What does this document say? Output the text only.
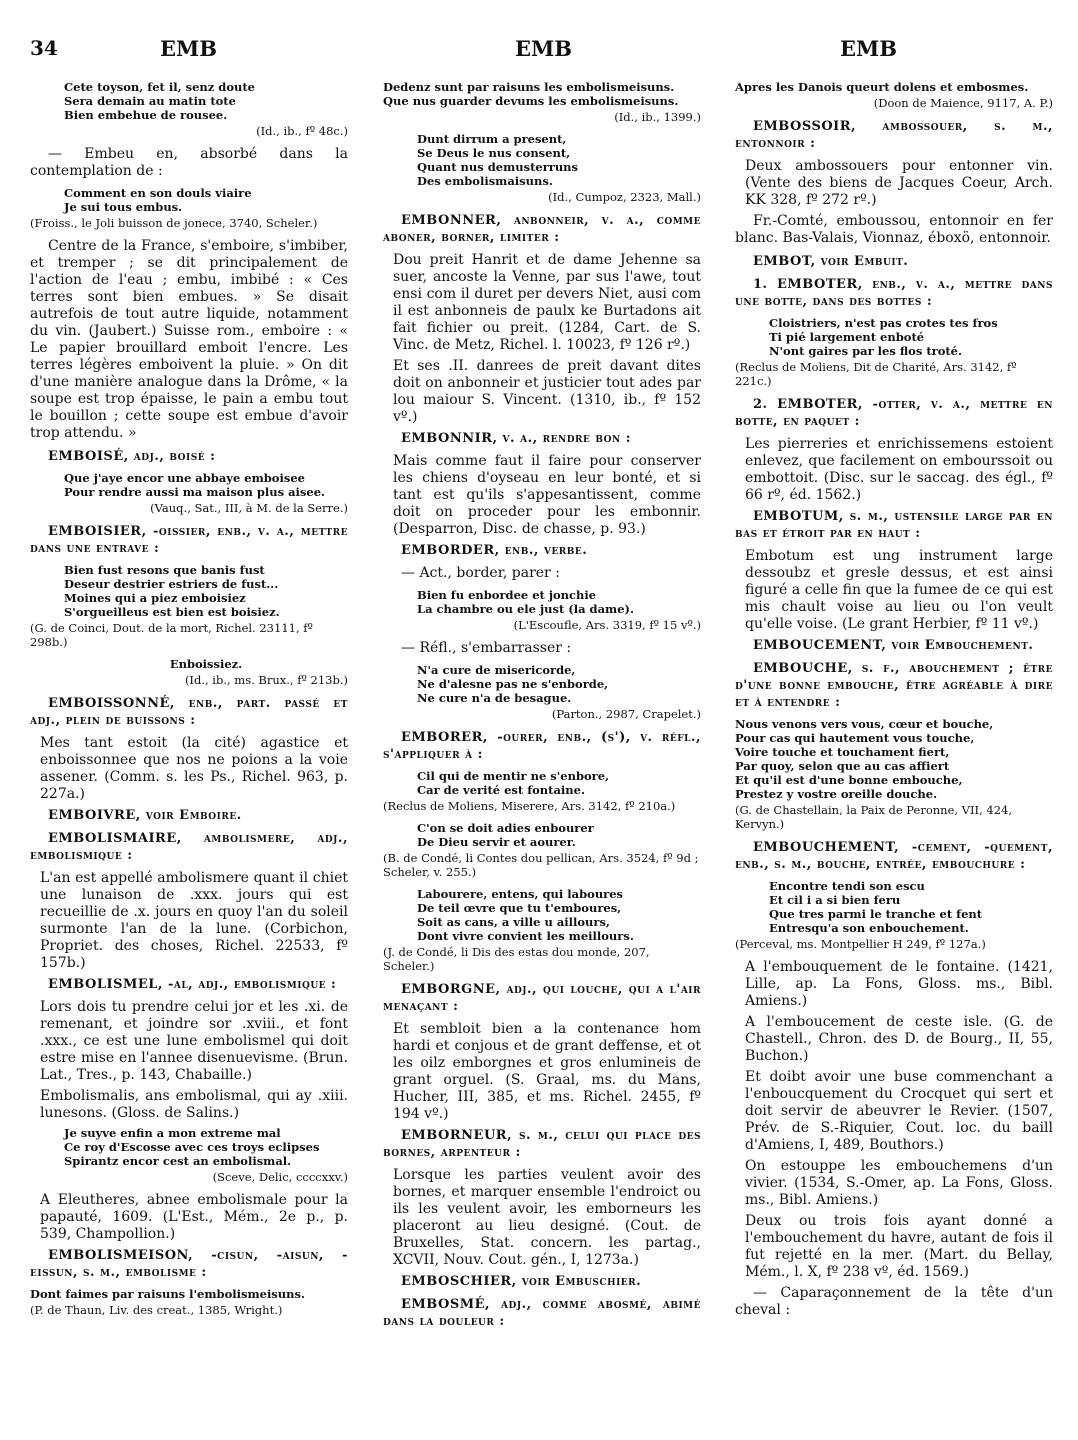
34	EMB	EMB	EMB
Cete toyson, fet il, senz doute
Sera demain au matin tote
Bien embehue de rousee.
(Id., ib., fº 48c.)
— Embeu en, absorbé dans la contemplation de :
Comment en son douls viaire
Je sui tous embus.
(Froiss., le Joli buisson de jonece, 3740, Scheler.)
Centre de la France, s'emboire, s'imbiber, et tremper ; se dit principalement de l'action de l'eau ; embu, imbibé : « Ces terres sont bien embues. » Se disait autrefois de tout autre liquide, notamment du vin. (Jaubert.) Suisse rom., emboire : « Le papier brouillard emboit l'encre. Les terres légères emboivent la pluie. » On dit d'une manière analogue dans la Drôme, « la soupe est trop épaisse, le pain a embu tout le bouillon ; cette soupe est embue d'avoir trop attendu. »
EMBOISÉ, adj., boisé :
Que j'aye encor une abbaye emboisee
Pour rendre aussi ma maison plus aisee.
(Vauq., Sat., III, à M. de la Serre.)
EMBOISIER, -oissier, enb., v. a., mettre dans une entrave :
Bien fust resons que banis fust
Deseur destrier estriers de fust...
Moines qui a piez emboisiez
S'orgueilleus est bien est boisiez.
(G. de Coinci, Dout. de la mort, Richel. 23111, fº 298b.)
Enboissiez.
(Id., ib., ms. Brux., fº 213b.)
EMBOISSONNÉ, enb., part. passé et adj., plein de buissons :
Mes tant estoit (la cité) agastice et enboissonnee que nos ne poions a la voie assener. (Comm. s. les Ps., Richel. 963, p. 227a.)
EMBOIVRE, voir Emboire.
EMBOLISMAIRE, ambolismere, adj., embolismique :
L'an est appellé ambolismere quant il chiet une lunaison de .xxx. jours qui est recueillie de .x. jours en quoy l'an du soleil surmonte l'an de la lune. (Corbichon, Propriet. des choses, Richel. 22533, fº 157b.)
EMBOLISMEL, -al, adj., embolismique :
Lors dois tu prendre celui jor et les .xi. de remenant, et joindre sor .xviii., et font .xxx., ce est une lune embolismel qui doit estre mise en l'annee disenuevisme. (Brun. Lat., Tres., p. 143, Chabaille.)
Embolismalis, ans embolismal, qui ay .xiii. lunesons. (Gloss. de Salins.)
Je suyve enfin a mon extreme mal
Ce roy d'Escosse avec ces troys eclipses
Spirantz encor cest an embolismal.
(Sceve, Delic, ccccxxv.)
A Eleutheres, abnee embolismale pour la papauté, 1609. (L'Est., Mém., 2e p., p. 539, Champollion.)
EMBOLISMEISON, -cisun, -aisun, -eissun, s. m., embolisme :
Dont faimes par raisuns l'embolismeisuns.
(P. de Thaun, Liv. des creat., 1385, Wright.)
Dedenz sunt par raisuns les embolismeisuns.
Que nus guarder devums les embolismeisuns.
(Id., ib., 1399.)
Dunt dirrum a present,
Se Deus le nus consent,
Quant nus demusterruns
Des embolismaisuns.
(Id., Cumpoz, 2323, Mall.)
EMBONNER, anbonneir, v. a., comme aboner, borner, limiter :
Dou preit Hanrit et de dame Jehenne sa suer, ancoste la Venne, par sus l'awe, tout ensi com il duret per devers Niet, ausi com il est anbonneis de paulx ke Burtadons ait fait fichier ou preit. (1284, Cart. de S. Vinc. de Metz, Richel. l. 10023, fº 126 rº.)
Et ses .II. danrees de preit davant dites doit on anbonneir et justicier tout ades par lou maiour S. Vincent. (1310, ib., fº 152 vº.)
EMBONNIR, v. a., rendre bon :
Mais comme faut il faire pour conserver les chiens d'oyseau en leur bonté, et si tant est qu'ils s'appesantissent, comme doit on proceder pour les embonnir. (Desparron, Disc. de chasse, p. 93.)
EMBORDER, enb., verbe.
— Act., border, parer :
Bien fu enbordee et jonchie
La chambre ou ele just (la dame).
(L'Escoufle, Ars. 3319, fº 15 vº.)
— Réfl., s'embarrasser :
N'a cure de misericorde,
Ne d'alesne pas ne s'enborde,
Ne cure n'a de besague.
(Parton., 2987, Crapelet.)
EMBORER, -ourer, enb., (s'), v. réfl., s'appliquer à :
Cil qui de mentir ne s'enbore,
Car de verité est fontaine.
(Reclus de Moliens, Miserere, Ars. 3142, fº 210a.)
C'on se doit adies enbourer
De Dieu servir et aourer.
(B. de Condé, li Contes dou pellican, Ars. 3524, fº 9d ; Scheler, v. 255.)
Labourere, entens, qui laboures
De teil œvre que tu t'emboures,
Soit as cans, a ville u aillours,
Dont vivre convient les meillours.
(J. de Condé, li Dis des estas dou monde, 207, Scheler.)
EMBORGNE, adj., qui louche, qui a l'air menaçant :
Et sembloit bien a la contenance hom hardi et conjous et de grant deffense, et ot les oilz emborgnes et gros enlumineis de grant orguel. (S. Graal, ms. du Mans, Hucher, III, 385, et ms. Richel. 2455, fº 194 vº.)
EMBORNEUR, s. m., celui qui place des bornes, arpenteur :
Lorsque les parties veulent avoir des bornes, et marquer ensemble l'endroict ou ils les veulent avoir, les emborneurs les placeront au lieu designé. (Cout. de Bruxelles, Stat. concern. les partag., XCVII, Nouv. Cout. gén., I, 1273a.)
EMBOSCHIER, voir Embuschier.
EMBOSMÉ, adj., comme abosmé, abimé dans la douleur :
Apres les Danois queurt dolens et embosmes.
(Doon de Maience, 9117, A. P.)
EMBOSSOIR, ambossouer, s. m., entonnoir :
Deux ambossouers pour entonner vin. (Vente des biens de Jacques Coeur, Arch. KK 328, fº 272 rº.)
Fr.-Comté, emboussou, entonnoir en fer blanc. Bas-Valais, Vionnaz, éboxö, entonnoir.
EMBOT, voir Embuit.
1. EMBOTER, enb., v. a., mettre dans une botte, dans des bottes :
Cloistriers, n'est pas crotes tes fros
Ti pié largement enboté
N'ont gaires par les flos troté.
(Reclus de Moliens, Dit de Charité, Ars. 3142, fº 221c.)
2. EMBOTER, -otter, v. a., mettre en botte, en paquet :
Les pierreries et enrichissemens estoient enlevez, que facilement on embourssoit ou embottoit. (Disc. sur le saccag. des égl., fº 66 rº, éd. 1562.)
EMBOTUM, s. m., ustensile large par en bas et étroit par en haut :
Embotum est ung instrument large dessoubz et gresle dessus, et est ainsi figuré a celle fin que la fumee de ce qui est mis chault voise au lieu ou l'on veult qu'elle voise. (Le grant Herbier, fº 11 vº.)
EMBOUCEMENT, voir Embouchement.
EMBOUCHE, s. f., abouchement ; être d'une bonne embouche, être agréable à dire et à entendre :
Nous venons vers vous, cœur et bouche,
Pour cas qui hautement vous touche,
Voire touche et touchament fiert,
Par quoy, selon que au cas affiert
Et qu'il est d'une bonne embouche,
Prestez y vostre oreille douche.
(G. de Chastellain, la Paix de Peronne, VII, 424, Kervyn.)
EMBOUCHEMENT, -cement, -quement, enb., s. m., bouche, entrée, embouchure :
Encontre tendi son escu
Et cil i a si bien feru
Que tres parmi le tranche et fent
Entresqu'a son enbouchement.
(Perceval, ms. Montpellier H 249, fº 127a.)
A l'embouquement de le fontaine. (1421, Lille, ap. La Fons, Gloss. ms., Bibl. Amiens.)
A l'emboucement de ceste isle. (G. de Chastell., Chron. des D. de Bourg., II, 55, Buchon.)
Et doibt avoir une buse commenchant a l'enboucquement du Crocquet qui sert et doit servir de abeuvrer le Revier. (1507, Prév. de S.-Riquier, Cout. loc. du baill d'Amiens, I, 489, Bouthors.)
On estouppe les embouchemens d'un vivier. (1534, S.-Omer, ap. La Fons, Gloss. ms., Bibl. Amiens.)
Deux ou trois fois ayant donné a l'embouchement du havre, autant de fois il fut rejetté en la mer. (Mart. du Bellay, Mém., l. X, fº 238 vº, éd. 1569.)
— Caparaçonnement de la tête d'un cheval :
